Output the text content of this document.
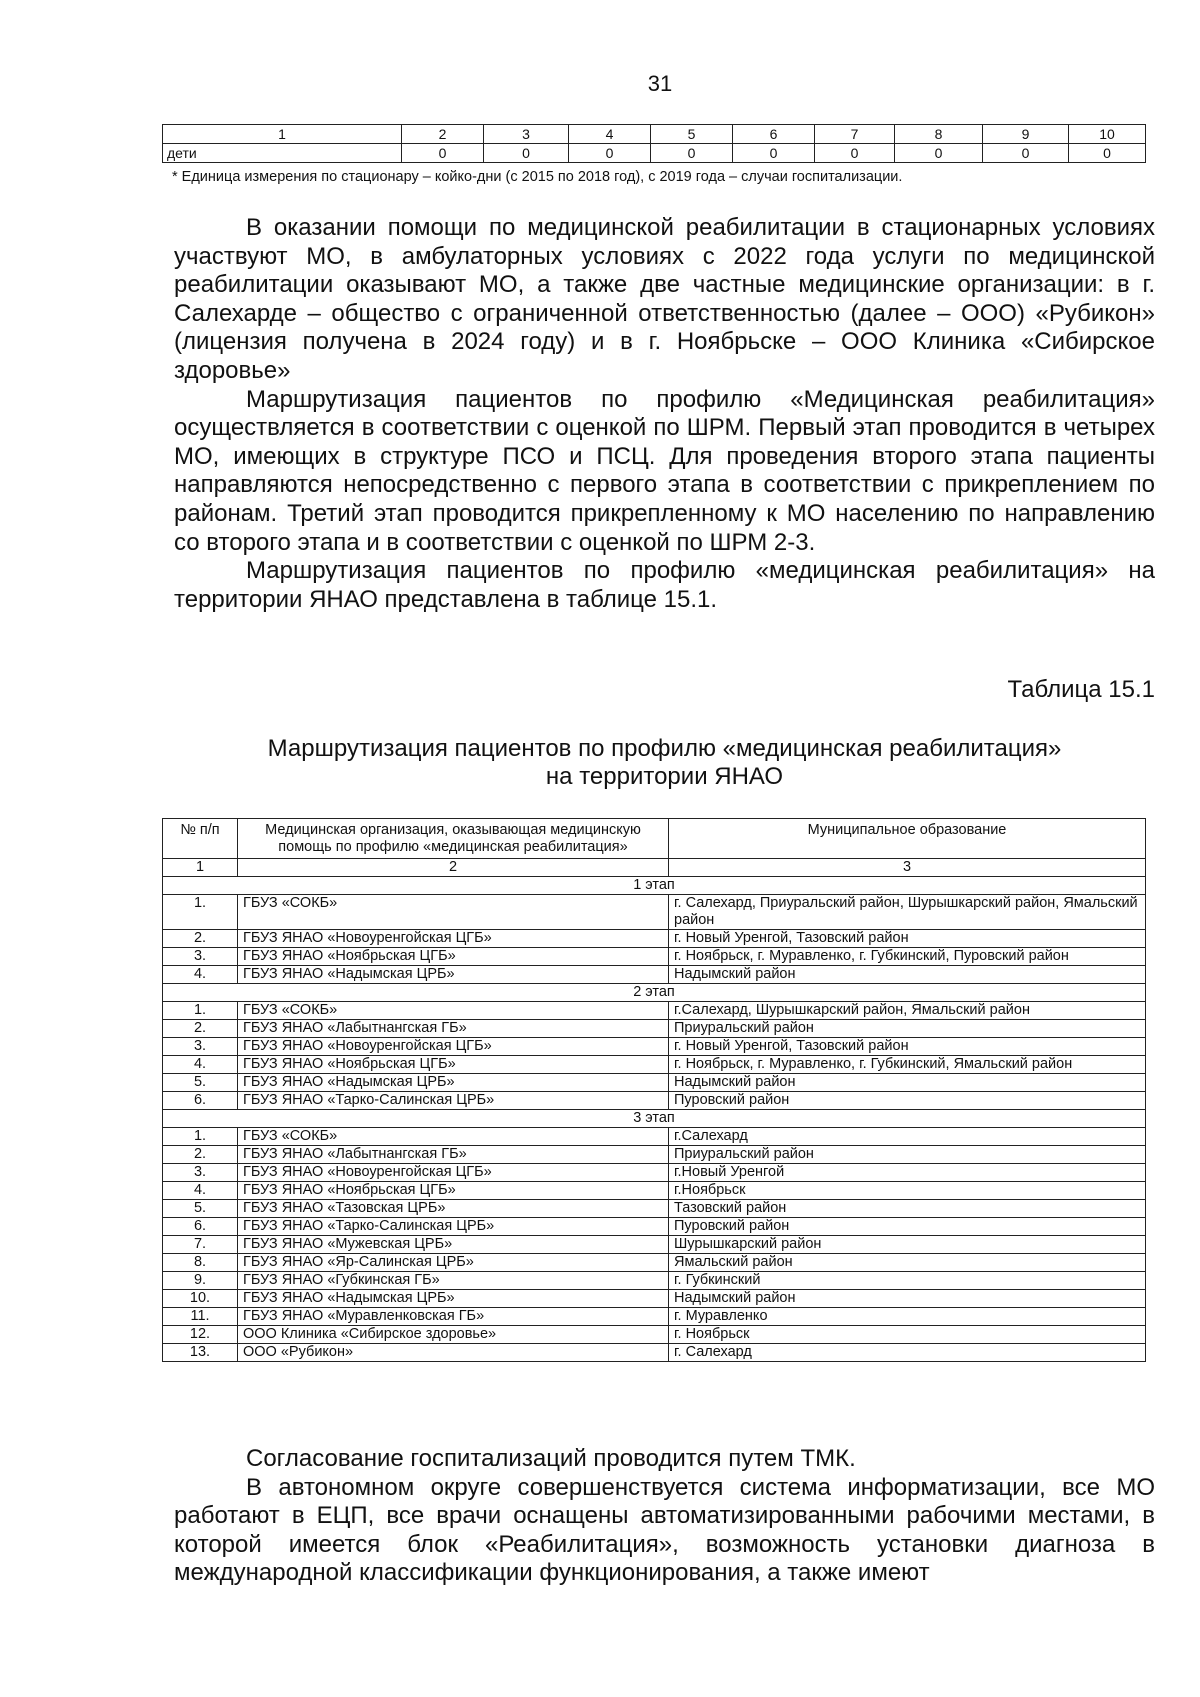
31
1	2	3	4	5	6	7	8	9	10
дети	0	0	0	0	0	0	0	0	0
* Единица измерения по стационару – койко-дни (с 2015 по 2018 год), с 2019 года – случаи госпитализации.

В оказании помощи по медицинской реабилитации в стационарных условиях участвуют МО, в амбулаторных условиях с 2022 года услуги по медицинской реабилитации оказывают МО, а также две частные медицинские организации: в г. Салехарде – общество с ограниченной ответственностью (далее – ООО) «Рубикон» (лицензия получена в 2024 году) и в г. Ноябрьске – ООО Клиника «Сибирское здоровье»

Маршрутизация пациентов по профилю «Медицинская реабилитация» осуществляется в соответствии с оценкой по ШРМ. Первый этап проводится в четырех МО, имеющих в структуре ПСО и ПСЦ. Для проведения второго этапа пациенты направляются непосредственно с первого этапа в соответствии с прикреплением по районам. Третий этап проводится прикрепленному к МО населению по направлению со второго этапа и в соответствии с оценкой по ШРМ 2-3.

Маршрутизация пациентов по профилю «медицинская реабилитация» на территории ЯНАО представлена в таблице 15.1.

Таблица 15.1
Маршрутизация пациентов по профилю «медицинская реабилитация»
на территории ЯНАО
№ п/п	Медицинская организация, оказывающая медицинскую помощь по профилю «медицинская реабилитация»	Муниципальное образование
1	2	3
1 этап		
1.	ГБУЗ «СОКБ»	г. Салехард, Приуральский район, Шурышкарский район, Ямальский район
2.	ГБУЗ ЯНАО «Новоуренгойская ЦГБ»	г. Новый Уренгой, Тазовский район
3.	ГБУЗ ЯНАО «Ноябрьская ЦГБ»	г. Ноябрьск, г. Муравленко, г. Губкинский, Пуровский район
4.	ГБУЗ ЯНАО «Надымская ЦРБ»	Надымский район
2 этап		
1.	ГБУЗ «СОКБ»	г.Салехард, Шурышкарский район, Ямальский район
2.	ГБУЗ ЯНАО «Лабытнангская ГБ»	Приуральский район
3.	ГБУЗ ЯНАО «Новоуренгойская ЦГБ»	г. Новый Уренгой, Тазовский район
4.	ГБУЗ ЯНАО «Ноябрьская ЦГБ»	г. Ноябрьск, г. Муравленко, г. Губкинский, Ямальский район
5.	ГБУЗ ЯНАО «Надымская ЦРБ»	Надымский район
6.	ГБУЗ ЯНАО «Тарко-Салинская ЦРБ»	Пуровский район
3 этап		
1.	ГБУЗ «СОКБ»	г.Салехард
2.	ГБУЗ ЯНАО «Лабытнангская ГБ»	Приуральский район
3.	ГБУЗ ЯНАО «Новоуренгойская ЦГБ»	г.Новый Уренгой
4.	ГБУЗ ЯНАО «Ноябрьская ЦГБ»	г.Ноябрьск
5.	ГБУЗ ЯНАО «Тазовская ЦРБ»	Тазовский район
6.	ГБУЗ ЯНАО «Тарко-Салинская ЦРБ»	Пуровский район
7.	ГБУЗ ЯНАО «Мужевская ЦРБ»	Шурышкарский район
8.	ГБУЗ ЯНАО «Яр-Салинская ЦРБ»	Ямальский район
9.	ГБУЗ ЯНАО «Губкинская ГБ»	г. Губкинский
10.	ГБУЗ ЯНАО «Надымская ЦРБ»	Надымский район
11.	ГБУЗ ЯНАО «Муравленковская ГБ»	г. Муравленко
12.	ООО Клиника «Сибирское здоровье»	г. Ноябрьск
13.	ООО «Рубикон»	г. Салехард

Согласование госпитализаций проводится путем ТМК.

В автономном округе совершенствуется система информатизации, все МО работают в ЕЦП, все врачи оснащены автоматизированными рабочими местами, в которой имеется блок «Реабилитация», возможность установки диагноза в международной классификации функционирования, а также имеют
